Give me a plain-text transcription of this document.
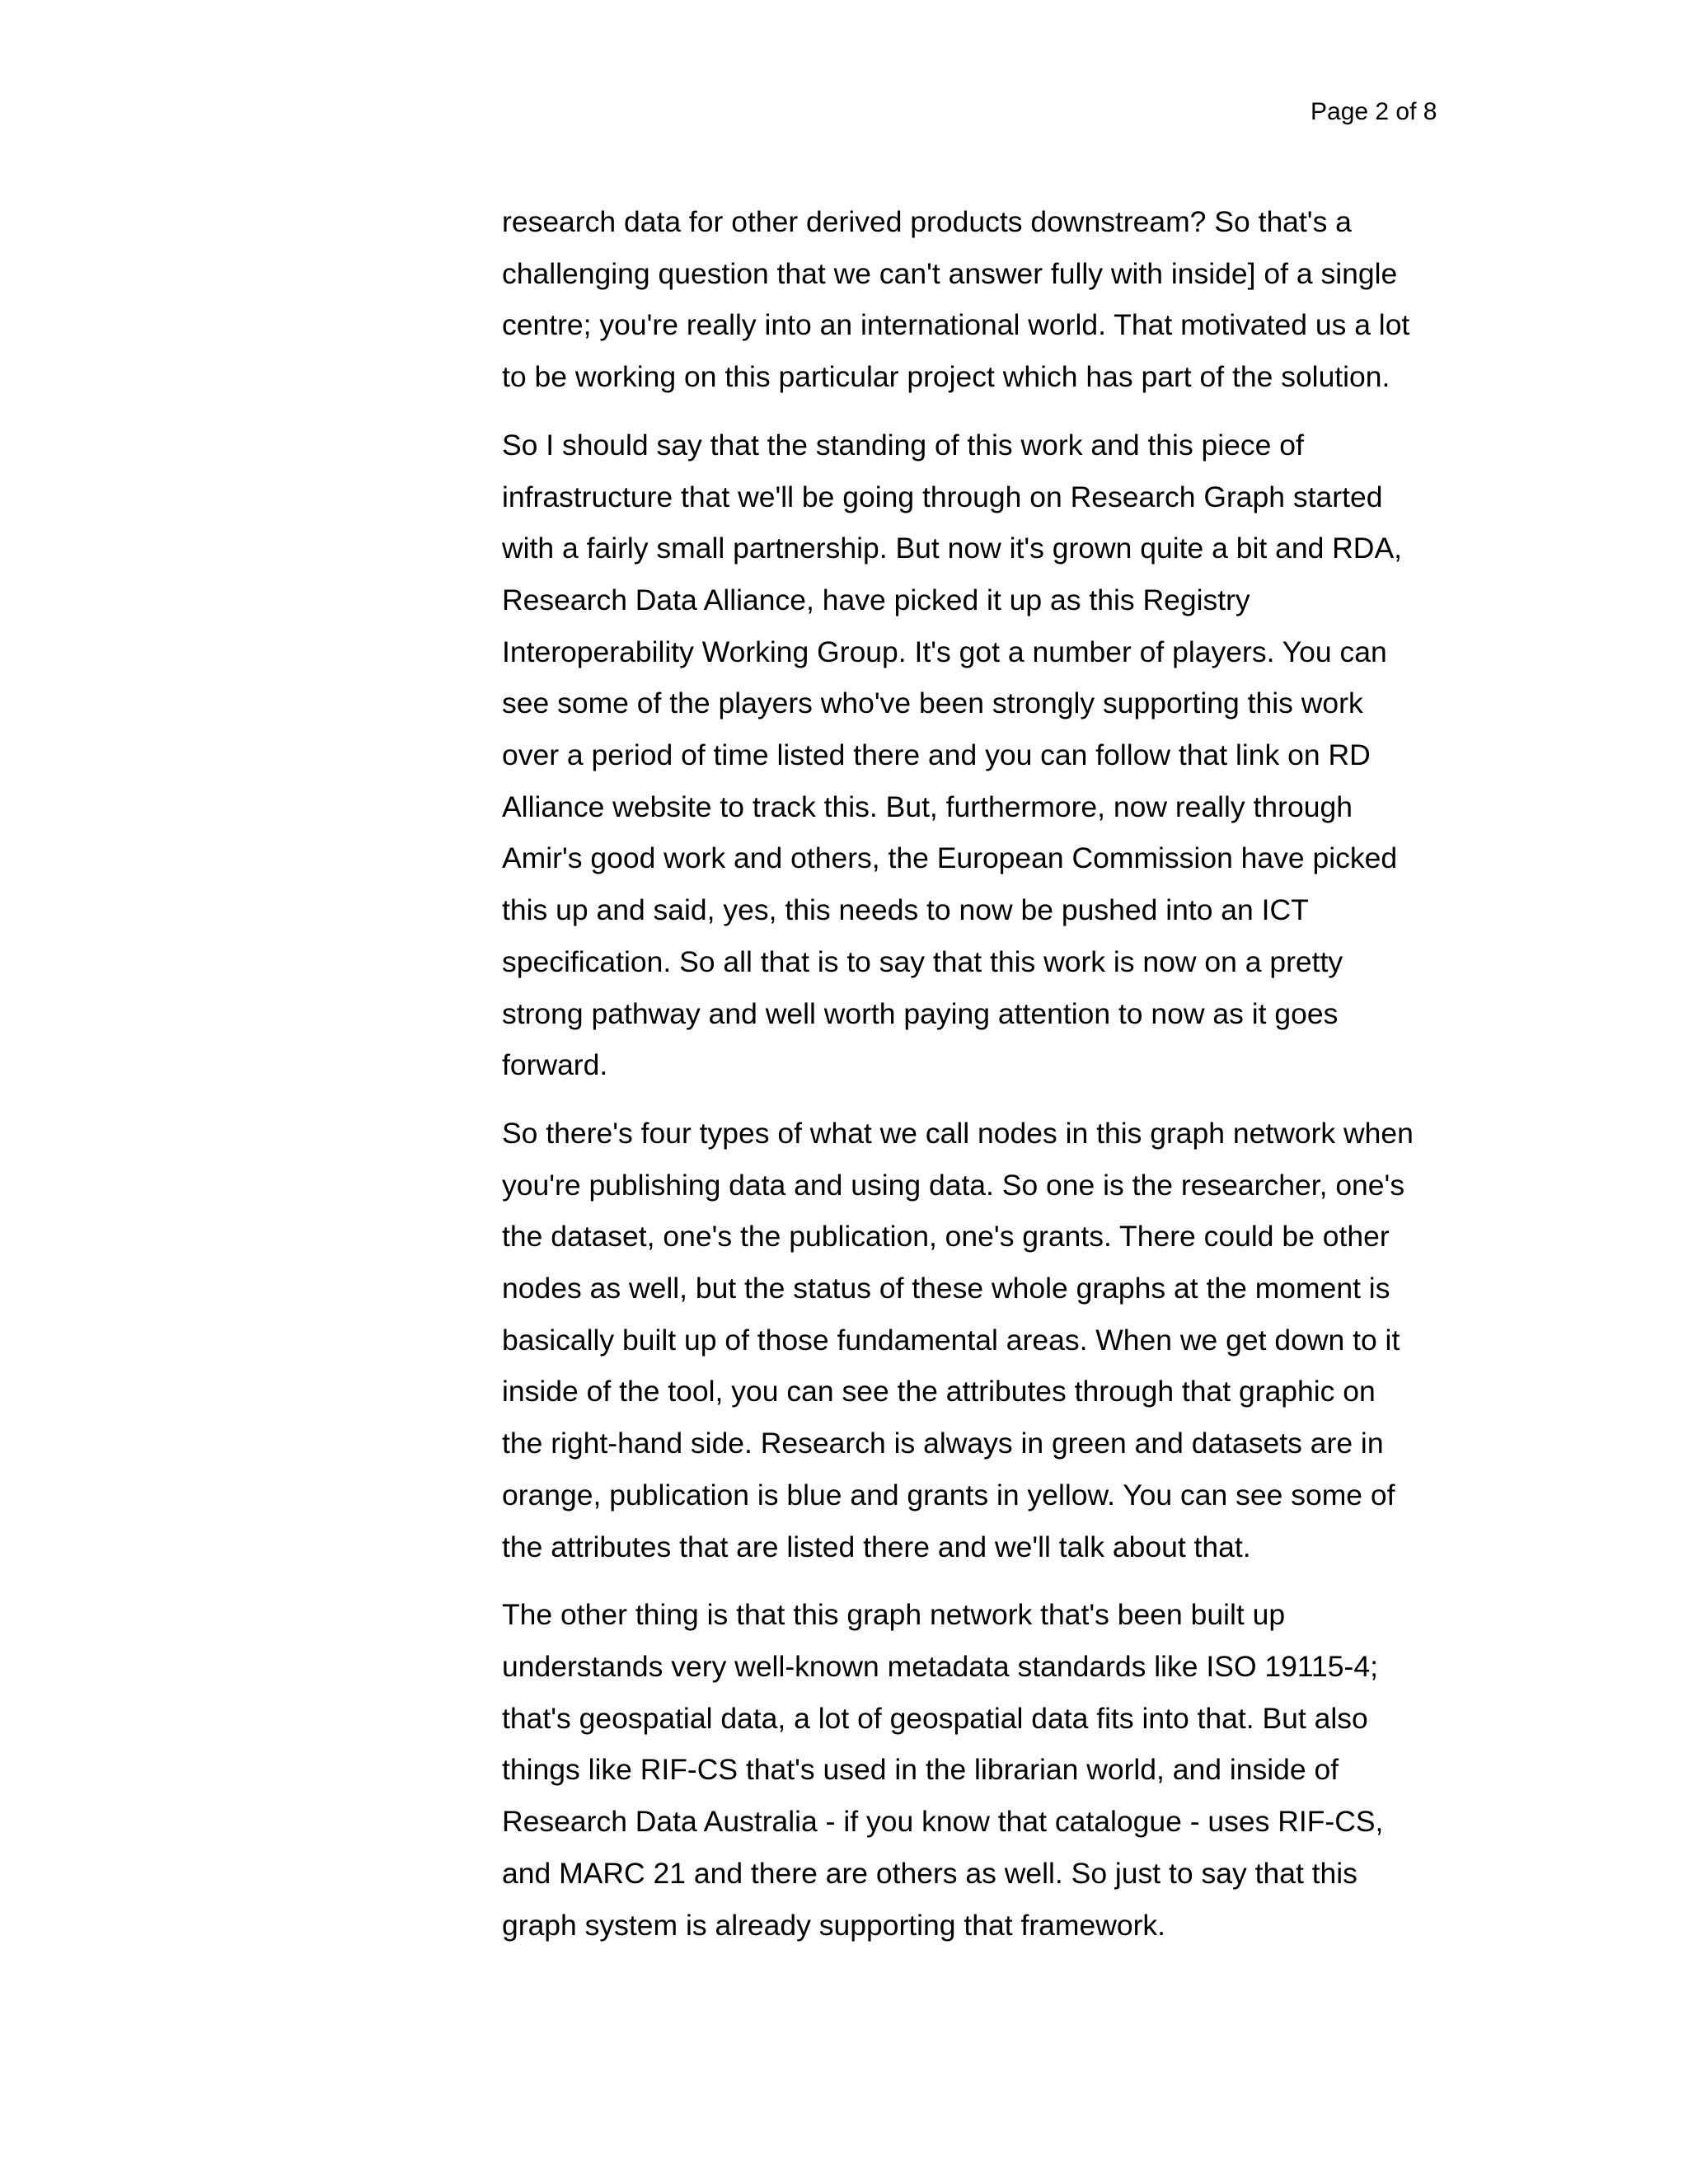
Page 2 of 8

research data for other derived products downstream? So that's a
challenging question that we can't answer fully with inside] of a single
centre; you're really into an international world. That motivated us a lot
to be working on this particular project which has part of the solution.

So I should say that the standing of this work and this piece of
infrastructure that we'll be going through on Research Graph started
with a fairly small partnership. But now it's grown quite a bit and RDA,
Research Data Alliance, have picked it up as this Registry
Interoperability Working Group. It's got a number of players. You can
see some of the players who've been strongly supporting this work
over a period of time listed there and you can follow that link on RD
Alliance website to track this. But, furthermore, now really through
Amir's good work and others, the European Commission have picked
this up and said, yes, this needs to now be pushed into an ICT
specification. So all that is to say that this work is now on a pretty
strong pathway and well worth paying attention to now as it goes
forward.

So there's four types of what we call nodes in this graph network when
you're publishing data and using data. So one is the researcher, one's
the dataset, one's the publication, one's grants. There could be other
nodes as well, but the status of these whole graphs at the moment is
basically built up of those fundamental areas. When we get down to it
inside of the tool, you can see the attributes through that graphic on
the right-hand side. Research is always in green and datasets are in
orange, publication is blue and grants in yellow. You can see some of
the attributes that are listed there and we'll talk about that.

The other thing is that this graph network that's been built up
understands very well-known metadata standards like ISO 19115-4;
that's geospatial data, a lot of geospatial data fits into that. But also
things like RIF-CS that's used in the librarian world, and inside of
Research Data Australia - if you know that catalogue - uses RIF-CS,
and MARC 21 and there are others as well. So just to say that this
graph system is already supporting that framework.
